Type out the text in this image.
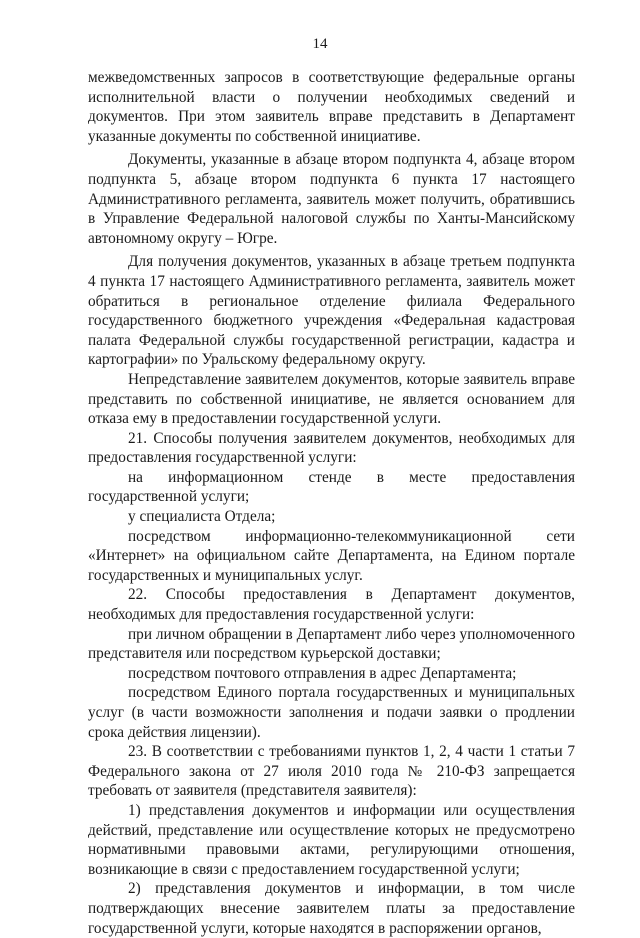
14

межведомственных запросов в соответствующие федеральные органы исполнительной власти о получении необходимых сведений и документов. При этом заявитель вправе представить в Департамент указанные документы по собственной инициативе.

Документы, указанные в абзаце втором подпункта 4, абзаце втором подпункта 5, абзаце втором подпункта 6 пункта 17 настоящего Административного регламента, заявитель может получить, обратившись в Управление Федеральной налоговой службы по Ханты-Мансийскому автономному округу – Югре.

Для получения документов, указанных в абзаце третьем подпункта 4 пункта 17 настоящего Административного регламента, заявитель может обратиться в региональное отделение филиала Федерального государственного бюджетного учреждения «Федеральная кадастровая палата Федеральной службы государственной регистрации, кадастра и картографии» по Уральскому федеральному округу.

Непредставление заявителем документов, которые заявитель вправе представить по собственной инициативе, не является основанием для отказа ему в предоставлении государственной услуги.

21. Способы получения заявителем документов, необходимых для предоставления государственной услуги:

на информационном стенде в месте предоставления государственной услуги;

у специалиста Отдела;

посредством информационно-телекоммуникационной сети «Интернет» на официальном сайте Департамента, на Едином портале государственных и муниципальных услуг.

22. Способы предоставления в Департамент документов, необходимых для предоставления государственной услуги:

при личном обращении в Департамент либо через уполномоченного представителя или посредством курьерской доставки;

посредством почтового отправления в адрес Департамента;

посредством Единого портала государственных и муниципальных услуг (в части возможности заполнения и подачи заявки о продлении срока действия лицензии).

23. В соответствии с требованиями пунктов 1, 2, 4 части 1 статьи 7 Федерального закона от 27 июля 2010 года № 210-ФЗ запрещается требовать от заявителя (представителя заявителя):

1) представления документов и информации или осуществления действий, представление или осуществление которых не предусмотрено нормативными правовыми актами, регулирующими отношения, возникающие в связи с предоставлением государственной услуги;

2) представления документов и информации, в том числе подтверждающих внесение заявителем платы за предоставление государственной услуги, которые находятся в распоряжении органов,
